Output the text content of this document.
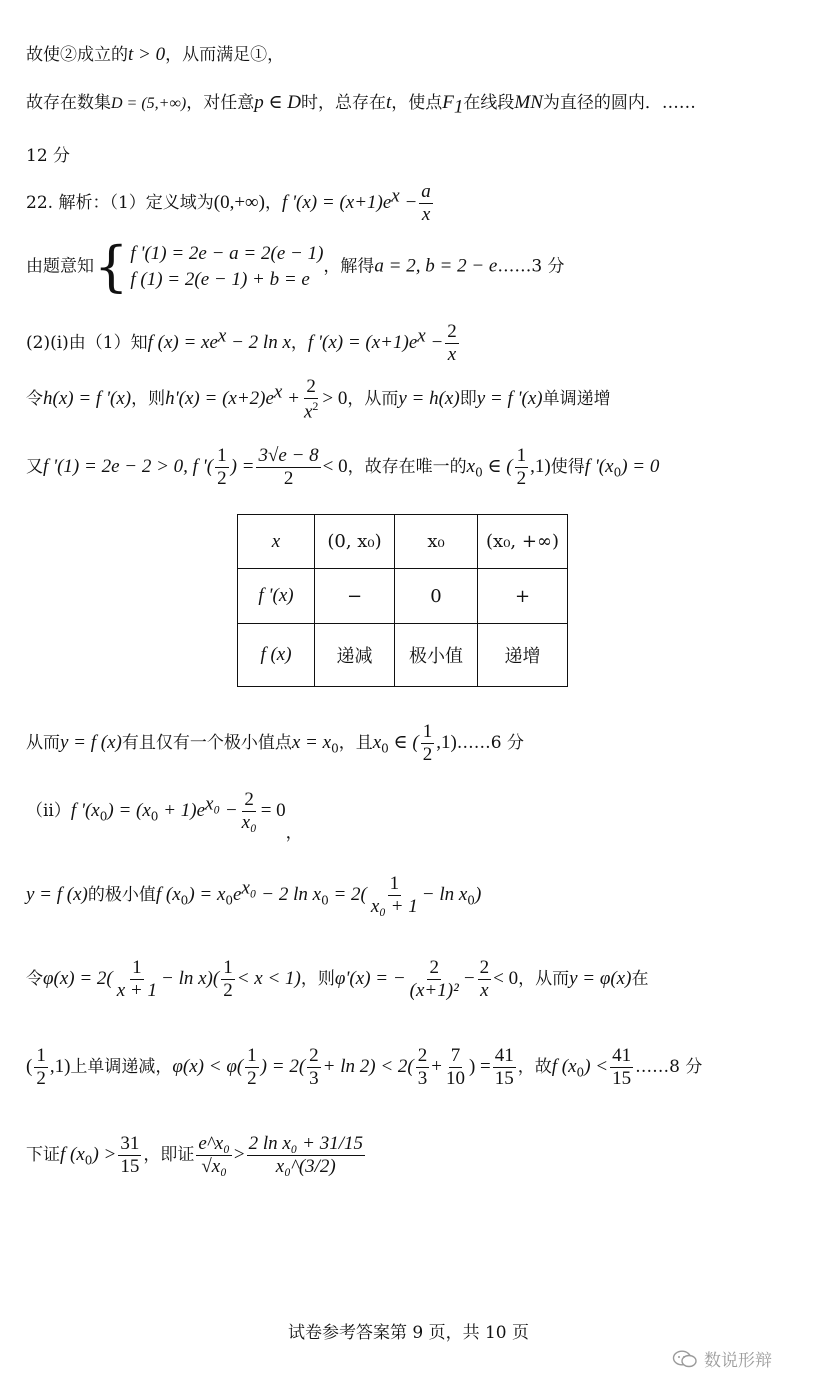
故使②成立的t > 0，从而满足①，
故存在数集D = (5,+∞)，对任意p ∈ D时，总存在t，使点$F_1$在线段MN为直径的圆内．……
12 分
22. 解析：（1）定义域为(0,+∞)，f '$(x) = (x+1)e^x - \frac{a}{x}$
由题意知 { f '(1) = 2e − a = 2(e − 1)
f (1) = 2(e − 1) + b = e
，解得a = 2, b = 2 − e……3 分
(2)(i)由（1）知f $(x) = xe^x - 2$ ln x，f '$(x) = (x+1)e^x - \frac{2}{x}$
令h(x) = f '(x)，则$h'(x) = (x+2)e^x + \frac{2}{x^2} > 0$，从而y = h(x)即y = f '(x)单调递增
又f '(1) = 2e − 2 > 0, f '( $\frac{1}{2}$ ) = $\frac{3√e - 8}{2} < 0$，故存在唯一的$x_0$ ∈ ( $\frac{1}{2} ,1$)使得f '$(x_0) = 0$
x	(0, x₀)	x₀	(x₀, +∞)
f '(x)	−	0	+
f (x)	递减	极小值	递增
从而y = f (x)有且仅有一个极小值点$x = x_0$，且$x_0$ ∈ ( $\frac{1}{2}$ ,1)……6 分
（ii）f '$(x_0) = (x_0 + 1)e^{x_0} - \frac{2}{\text{x₀}} = 0$，
y = f (x)的极小值f $(x_0) = x_0e^{x_0} - 2$ $\ln x_0 = 2( \frac{1}{\text{x₀ + 1}} - \ln x_0)$
令$\varphi(x) = 2( \frac{1}{x + 1} - \ln x)( \frac{1}{2} < x < 1)$，则φ'(x) = − $\frac{2}{\text{(x+1)²}} - \frac{2}{x} < 0$，从而y = φ(x)在
( $\frac{1}{2} ,1$)上单调递减，$\varphi(x) < \varphi( \frac{1}{2}$ ) = $2( \frac{2}{3} + \ln 2) < 2( \frac{2}{3} + \frac{7}{10}$ ) = $\frac{41}{15}$ ，故f $(x_0) < \frac{41}{15}$ ……8 分
下证f $(x_0) > \frac{31}{15}$ ，即证 $\frac{\text{e\textasciicircum{}x₀}}{\text{√x₀}} > \frac{\text{2 ln x₀ + 31/15}}{\text{x₀\textasciicircum{}(3/2)}}$
试卷参考答案第 9 页，共 10 页
数说形辩
